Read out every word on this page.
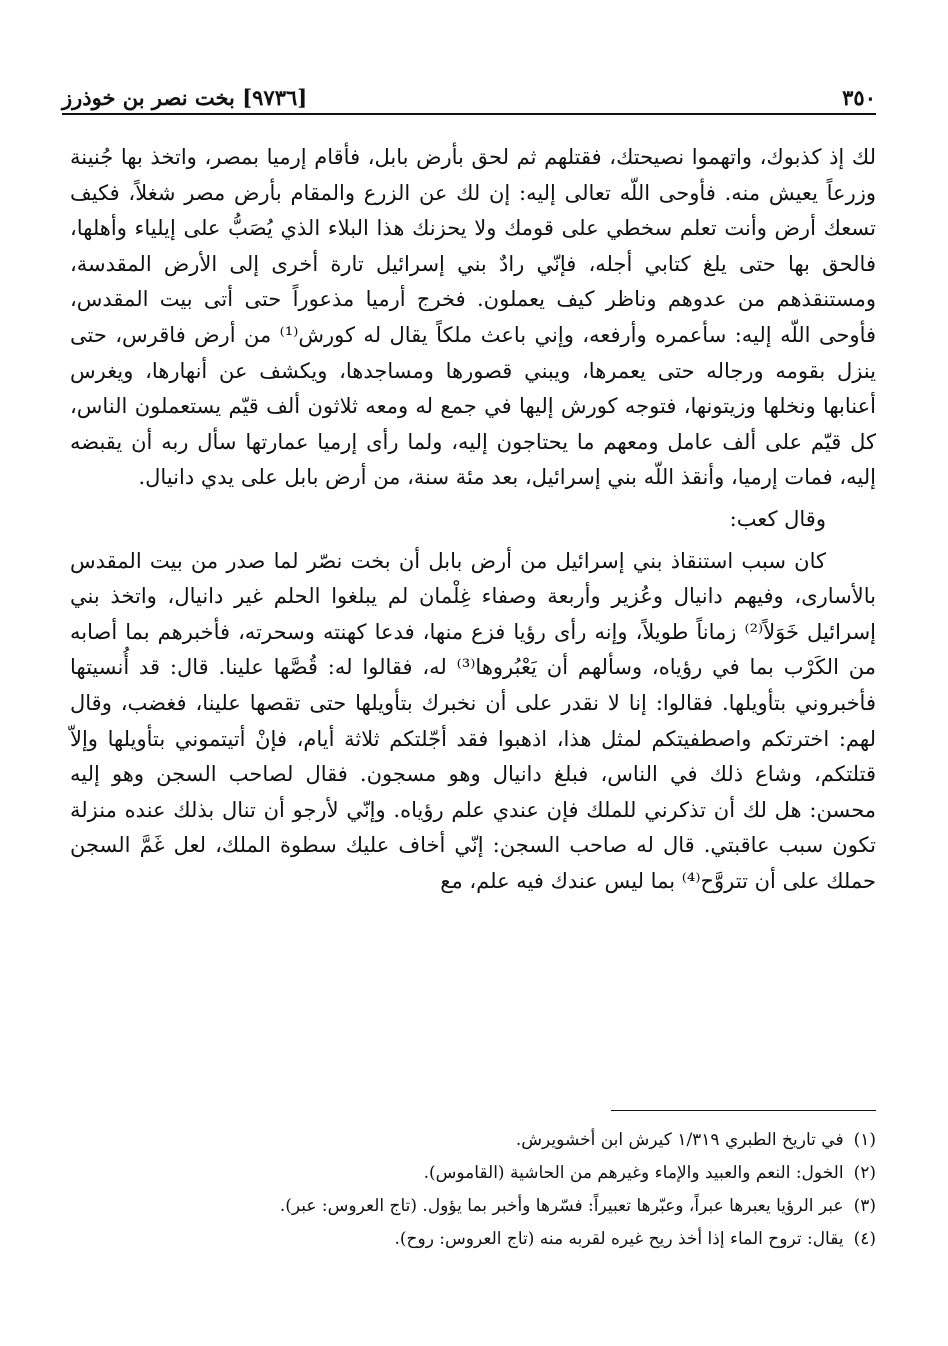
٣٥٠
[٩٧٣٦] بخت نصر بن خوذرز

لك إذ كذبوك، واتهموا نصيحتك، فقتلهم ثم لحق بأرض بابل، فأقام إرميا بمصر، واتخذ بها جُنينة وزرعاً يعيش منه. فأوحى اللّه تعالى إليه: إن لك عن الزرع والمقام بأرض مصر شغلاً، فكيف تسعك أرض وأنت تعلم سخطي على قومك ولا يحزنك هذا البلاء الذي يُصَبُّ على إيلياء وأهلها، فالحق بها حتى يلغ كتابي أجله، فإنّي رادٌ بني إسرائيل تارة أخرى إلى الأرض المقدسة، ومستنقذهم من عدوهم وناظر كيف يعملون. فخرج أرميا مذعوراً حتى أتى بيت المقدس، فأوحى اللّه إليه: سأعمره وأرفعه، وإني باعث ملكاً يقال له كورش⁽¹⁾ من أرض فاقرس، حتى ينزل بقومه ورجاله حتى يعمرها، ويبني قصورها ومساجدها، ويكشف عن أنهارها، ويغرس أعنابها ونخلها وزيتونها، فتوجه كورش إليها في جمع له ومعه ثلاثون ألف قيّم يستعملون الناس، كل قيّم على ألف عامل ومعهم ما يحتاجون إليه، ولما رأى إرميا عمارتها سأل ربه أن يقبضه إليه، فمات إرميا، وأنقذ اللّه بني إسرائيل، بعد مئة سنة، من أرض بابل على يدي دانيال.

وقال كعب:

كان سبب استنقاذ بني إسرائيل من أرض بابل أن بخت نصّر لما صدر من بيت المقدس بالأسارى، وفيهم دانيال وعُزير وأربعة وصفاء غِلْمان لم يبلغوا الحلم غير دانيال، واتخذ بني إسرائيل خَوَلاً⁽²⁾ زماناً طويلاً، وإنه رأى رؤيا فزع منها، فدعا كهنته وسحرته، فأخبرهم بما أصابه من الكَرْب بما في رؤياه، وسألهم أن يَعْبُروها⁽³⁾ له، فقالوا له: قُصَّها علينا. قال: قد أُنسيتها فأخبروني بتأويلها. فقالوا: إنا لا نقدر على أن نخبرك بتأويلها حتى تقصها علينا، فغضب، وقال لهم: اخترتكم واصطفيتكم لمثل هذا، اذهبوا فقد أجّلتكم ثلاثة أيام، فإنْ أتيتموني بتأويلها وإلاّ قتلتكم، وشاع ذلك في الناس، فبلغ دانيال وهو مسجون. فقال لصاحب السجن وهو إليه محسن: هل لك أن تذكرني للملك فإن عندي علم رؤياه. وإنّي لأرجو أن تنال بذلك عنده منزلة تكون سبب عاقبتي. قال له صاحب السجن: إنّي أخاف عليك سطوة الملك، لعل غَمَّ السجن حملك على أن تتروَّح⁽⁴⁾ بما ليس عندك فيه علم، مع

(١)
في تاريخ الطبري ١/٣١٩ كيرش ابن أخشويرش.
(٢)
الخول: النعم والعبيد والإماء وغيرهم من الحاشية (القاموس).
(٣)
عبر الرؤيا يعبرها عبراً، وعبّرها تعبيراً: فسّرها وأخبر بما يؤول. (تاج العروس: عبر).
(٤)
يقال: تروح الماء إذا أخذ ريح غيره لقربه منه (تاج العروس: روح).
